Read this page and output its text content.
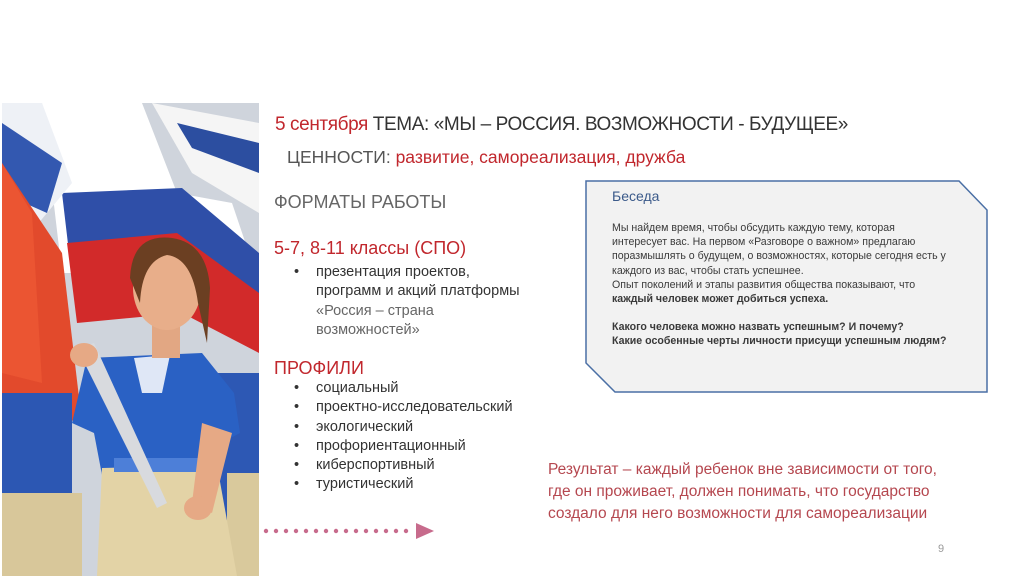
5 сентября ТЕМА: «МЫ – РОССИЯ. ВОЗМОЖНОСТИ - БУДУЩЕЕ»
ЦЕННОСТИ: развитие, самореализация, дружба
ФОРМАТЫ РАБОТЫ
5-7, 8-11 классы (СПО)
• презентация проектов,
программ и акций платформы
«Россия – страна
возможностей»
ПРОФИЛИ
• социальный
• проектно-исследовательский
• экологический
• профориентационный
• киберспортивный
• туристический
Беседа

Мы найдем время, чтобы обсудить каждую тему, которая

интересует вас. На первом «Разговоре о важном» предлагаю

поразмышлять о будущем, о возможностях, которые сегодня есть у

каждого из вас, чтобы стать успешнее.

Опыт поколений и этапы развития общества показывают, что

каждый человек может добиться успеха.

Какого человека можно назвать успешным? И почему?

Какие особенные черты личности присущи успешным людям?

Результат – каждый ребенок вне зависимости от того,

где он проживает, должен понимать, что государство

создало для него возможности для самореализации

9
